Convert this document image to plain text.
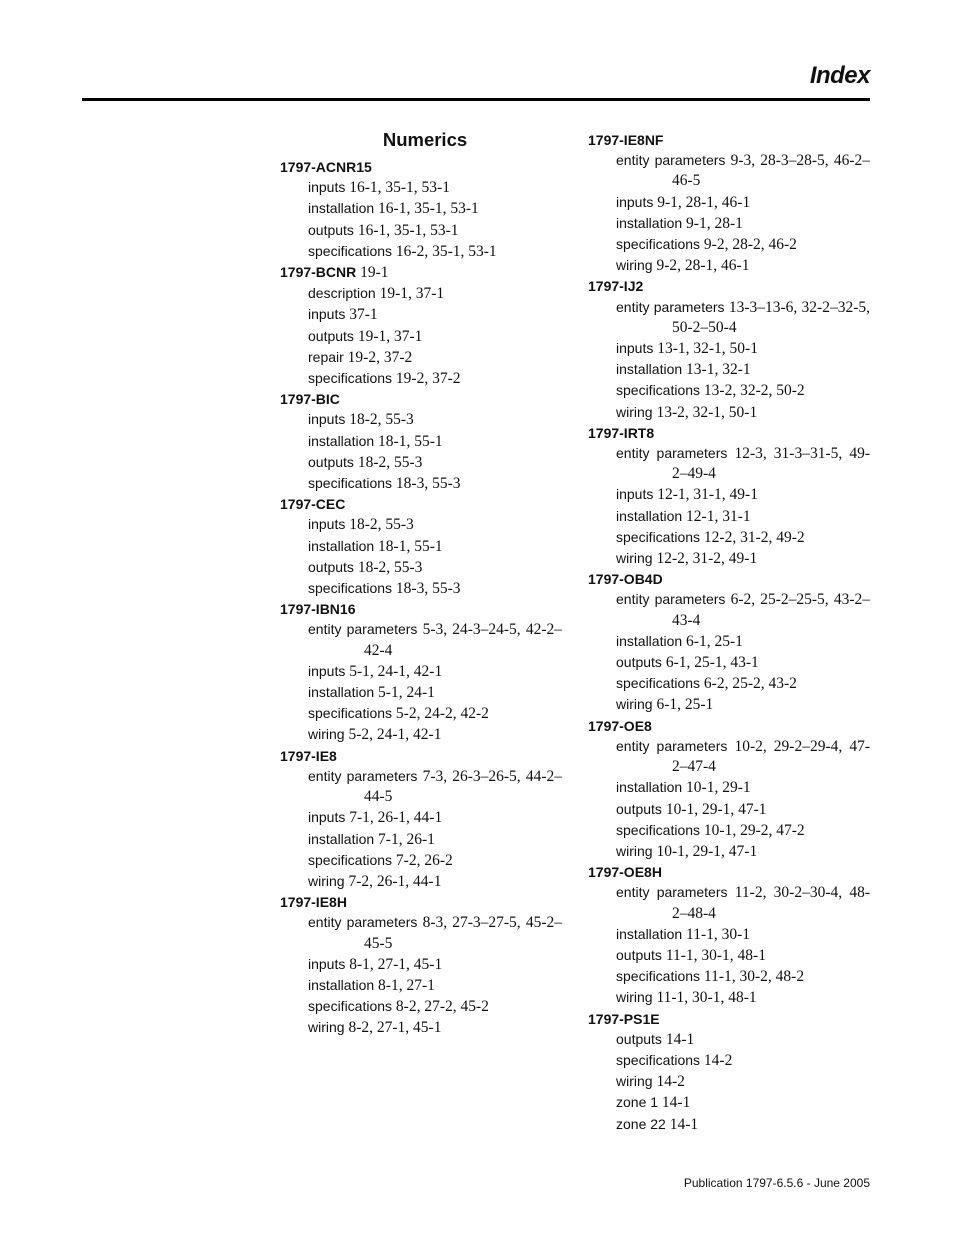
Index
Numerics
1797-ACNR15
inputs 16-1, 35-1, 53-1
installation 16-1, 35-1, 53-1
outputs 16-1, 35-1, 53-1
specifications 16-2, 35-1, 53-1
1797-BCNR 19-1
description 19-1, 37-1
inputs 37-1
outputs 19-1, 37-1
repair 19-2, 37-2
specifications 19-2, 37-2
1797-BIC
inputs 18-2, 55-3
installation 18-1, 55-1
outputs 18-2, 55-3
specifications 18-3, 55-3
1797-CEC
inputs 18-2, 55-3
installation 18-1, 55-1
outputs 18-2, 55-3
specifications 18-3, 55-3
1797-IBN16
entity parameters 5-3, 24-3–24-5, 42-2–42-4
inputs 5-1, 24-1, 42-1
installation 5-1, 24-1
specifications 5-2, 24-2, 42-2
wiring 5-2, 24-1, 42-1
1797-IE8
entity parameters 7-3, 26-3–26-5, 44-2–44-5
inputs 7-1, 26-1, 44-1
installation 7-1, 26-1
specifications 7-2, 26-2
wiring 7-2, 26-1, 44-1
1797-IE8H
entity parameters 8-3, 27-3–27-5, 45-2–45-5
inputs 8-1, 27-1, 45-1
installation 8-1, 27-1
specifications 8-2, 27-2, 45-2
wiring 8-2, 27-1, 45-1
1797-IE8NF
entity parameters 9-3, 28-3–28-5, 46-2–46-5
inputs 9-1, 28-1, 46-1
installation 9-1, 28-1
specifications 9-2, 28-2, 46-2
wiring 9-2, 28-1, 46-1
1797-IJ2
entity parameters 13-3–13-6, 32-2–32-5, 50-2–50-4
inputs 13-1, 32-1, 50-1
installation 13-1, 32-1
specifications 13-2, 32-2, 50-2
wiring 13-2, 32-1, 50-1
1797-IRT8
entity parameters 12-3, 31-3–31-5, 49-2–49-4
inputs 12-1, 31-1, 49-1
installation 12-1, 31-1
specifications 12-2, 31-2, 49-2
wiring 12-2, 31-2, 49-1
1797-OB4D
entity parameters 6-2, 25-2–25-5, 43-2–43-4
installation 6-1, 25-1
outputs 6-1, 25-1, 43-1
specifications 6-2, 25-2, 43-2
wiring 6-1, 25-1
1797-OE8
entity parameters 10-2, 29-2–29-4, 47-2–47-4
installation 10-1, 29-1
outputs 10-1, 29-1, 47-1
specifications 10-1, 29-2, 47-2
wiring 10-1, 29-1, 47-1
1797-OE8H
entity parameters 11-2, 30-2–30-4, 48-2–48-4
installation 11-1, 30-1
outputs 11-1, 30-1, 48-1
specifications 11-1, 30-2, 48-2
wiring 11-1, 30-1, 48-1
1797-PS1E
outputs 14-1
specifications 14-2
wiring 14-2
zone 1 14-1
zone 22 14-1
Publication 1797-6.5.6 - June 2005
